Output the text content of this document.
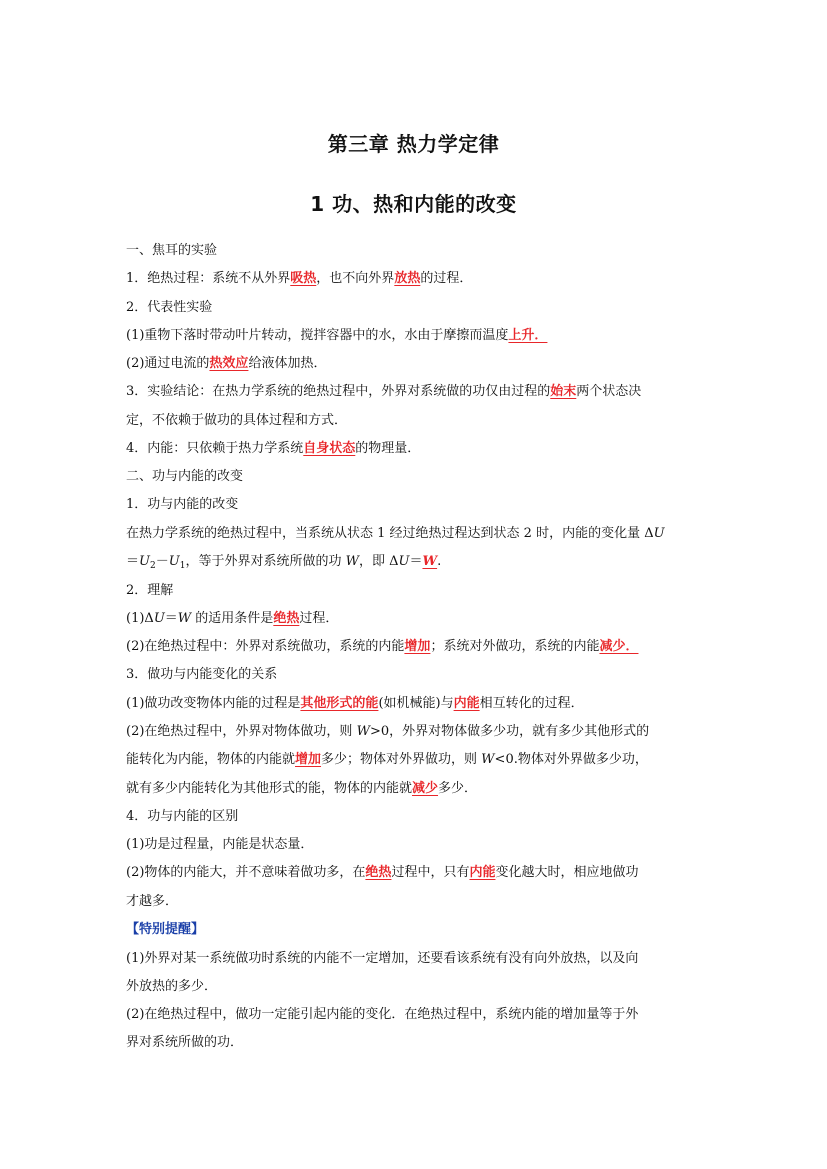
第三章 热力学定律
1 功、热和内能的改变
一、焦耳的实验
1．绝热过程：系统不从外界吸热，也不向外界放热的过程．
2．代表性实验
(1)重物下落时带动叶片转动，搅拌容器中的水，水由于摩擦而温度上升．
(2)通过电流的热效应给液体加热．
3．实验结论：在热力学系统的绝热过程中，外界对系统做的功仅由过程的始末两个状态决
定，不依赖于做功的具体过程和方式．
4．内能：只依赖于热力学系统自身状态的物理量．
二、功与内能的改变
1．功与内能的改变
在热力学系统的绝热过程中，当系统从状态 1 经过绝热过程达到状态 2 时，内能的变化量 ΔU
$=U_2-U_1$，等于外界对系统所做的功 W，即 ΔU＝W.
2．理解
(1)ΔU＝W 的适用条件是绝热过程．
(2)在绝热过程中：外界对系统做功，系统的内能增加；系统对外做功，系统的内能减少．
3．做功与内能变化的关系
(1)做功改变物体内能的过程是其他形式的能(如机械能)与内能相互转化的过程．
(2)在绝热过程中，外界对物体做功，则 W>0，外界对物体做多少功，就有多少其他形式的
能转化为内能，物体的内能就增加多少；物体对外界做功，则 W<0.物体对外界做多少功，
就有多少内能转化为其他形式的能，物体的内能就减少多少．
4．功与内能的区别
(1)功是过程量，内能是状态量．
(2)物体的内能大，并不意味着做功多，在绝热过程中，只有内能变化越大时，相应地做功
才越多．
【特别提醒】
(1)外界对某一系统做功时系统的内能不一定增加，还要看该系统有没有向外放热，以及向
外放热的多少．
(2)在绝热过程中，做功一定能引起内能的变化．在绝热过程中，系统内能的增加量等于外
界对系统所做的功．
